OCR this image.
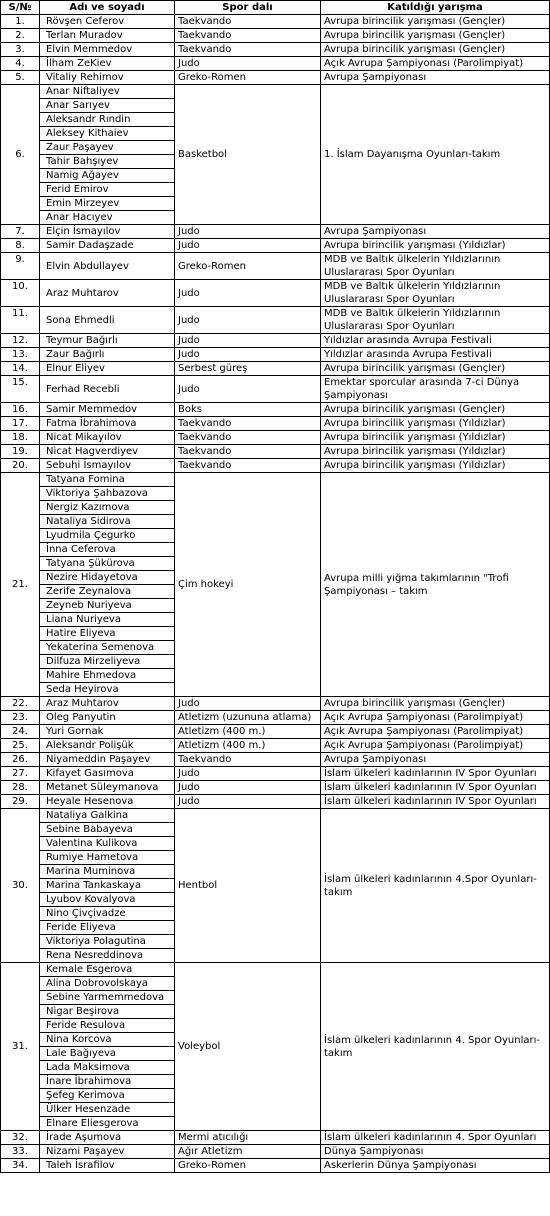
S/№	Adı ve soyadı	Spor dalı	Katıldığı yarışma
1.	Rövşen Ceferov	Taekvando	Avrupa birincilik yarışması (Gençler)
2.	Terlan Muradov	Taekvando	Avrupa birincilik yarışması (Gençler)
3.	Elvin Memmedov	Taekvando	Avrupa birincilik yarışması (Gençler)
4.	İlham ZeKiev	Judo	Açık Avrupa Şampiyonası (Parolimpiyat)
5.	Vitaliy Rehimov	Greko-Romen	Avrupa Şampiyonası
6.	Anar Niftaliyev	Basketbol	1. İslam Dayanışma Oyunları-takım
	Anar Sarıyev		
	Aleksandr Rındin		
	Aleksey Kithaiev		
	Zaur Paşayev		
	Tahir Bahşıyev		
	Namig Ağayev		
	Ferid Emirov		
	Emin Mirzeyev		
	Anar Hacıyev		
7.	Elçin İsmayılov	Judo	Avrupa Şampiyonası
8.	Samir Dadaşzade	Judo	Avrupa birincilik yarışması (Yıldızlar)
9.	Elvin Abdullayev	Greko-Romen	MDB ve Baltık ülkelerin Yıldızlarının Uluslararası Spor Oyunları
10.	Araz Muhtarov	Judo	MDB ve Baltık ülkelerin Yıldızlarının Uluslararası Spor Oyunları
11.	Sona Ehmedli	Judo	MDB ve Baltık ülkelerin Yıldızlarının Uluslararası Spor Oyunları
12.	Teymur Bağırlı	Judo	Yıldızlar arasında Avrupa Festivali
13.	Zaur Bağırlı	Judo	Yıldızlar arasında Avrupa Festivali
14.	Elnur Eliyev	Serbest güreş	Avrupa birincilik yarışması (Gençler)
15.	Ferhad Recebli	Judo	Emektar sporcular arasında 7-ci Dünya Şampiyonası
16.	Samir Memmedov	Boks	Avrupa birincilik yarışması (Gençler)
17.	Fatma İbrahimova	Taekvando	Avrupa birincilik yarışması (Yıldızlar)
18.	Nicat Mikayılov	Taekvando	Avrupa birincilik yarışması (Yıldızlar)
19.	Nicat Hagverdiyev	Taekvando	Avrupa birincilik yarışması (Yıldızlar)
20.	Sebuhi İsmayılov	Taekvando	Avrupa birincilik yarışması (Yıldızlar)
21.	Tatyana Fomina	Çim hokeyi	Avrupa milli yığma takımlarının "Trofi Şampiyonası – takım
	Viktoriya Şahbazova		
	Nergiz Kazımova		
	Nataliya Sidirova		
	Lyudmila Çegurko		
	İnna Ceferova		
	Tatyana Şükürova		
	Nezire Hidayetova		
	Zerife Zeynalova		
	Zeyneb Nuriyeva		
	Liana Nuriyeva		
	Hatire Eliyeva		
	Yekaterina Semenova		
	Dilfuza Mirzeliyeva		
	Mahire Ehmedova		
	Seda Heyirova		
22.	Araz Muhtarov	Judo	Avrupa birincilik yarışması (Gençler)
23.	Oleg Panyutin	Atletizm (uzununa atlama)	Açık Avrupa Şampiyonası (Parolimpiyat)
24.	Yuri Gornak	Atletizm (400 m.)	Açık Avrupa Şampiyonası (Parolimpiyat)
25.	Aleksandr Polişük	Atletizm (400 m.)	Açık Avrupa Şampiyonası (Parolimpiyat)
26.	Niyameddin Paşayev	Taekvando	Avrupa Şampiyonası
27.	Kifayet Gasımova	Judo	İslam ülkeleri kadınlarının IV Spor Oyunları
28.	Metanet Süleymanova	Judo	İslam ülkeleri kadınlarının IV Spor Oyunları
29.	Heyale Hesenova	Judo	İslam ülkeleri kadınlarının IV Spor Oyunları
30.	Nataliya Galkina	Hentbol	İslam ülkeleri kadınlarının 4.Spor Oyunları-takım
	Sebine Babayeva		
	Valentina Kulikova		
	Rumiye Hametova		
	Marina Muminova		
	Marina Tankaskaya		
	Lyubov Kovalyova		
	Nino Çivçivadze		
	Feride Eliyeva		
	Viktoriya Polagutina		
	Rena Nesreddinova		
31.	Kemale Esgerova	Voleybol	İslam ülkeleri kadınlarının 4. Spor Oyunları-takım
	Alina Dobrovolskaya		
	Sebine Yarmemmedova		
	Nigar Beşirova		
	Feride Resulova		
	Nina Korcova		
	Lale Bağıyeva		
	Lada Maksimova		
	İnare İbrahimova		
	Şefeg Kerimova		
	Ülker Hesenzade		
	Elnare Eliesgerova		
32.	İrade Aşumova	Mermi atıcılığı	İslam ülkeleri kadınlarının 4. Spor Oyunları
33.	Nizami Paşayev	Ağır Atletizm	Dünya Şampiyonası
34.	Taleh İsrafilov	Greko-Romen	Askerlerin Dünya Şampiyonası
